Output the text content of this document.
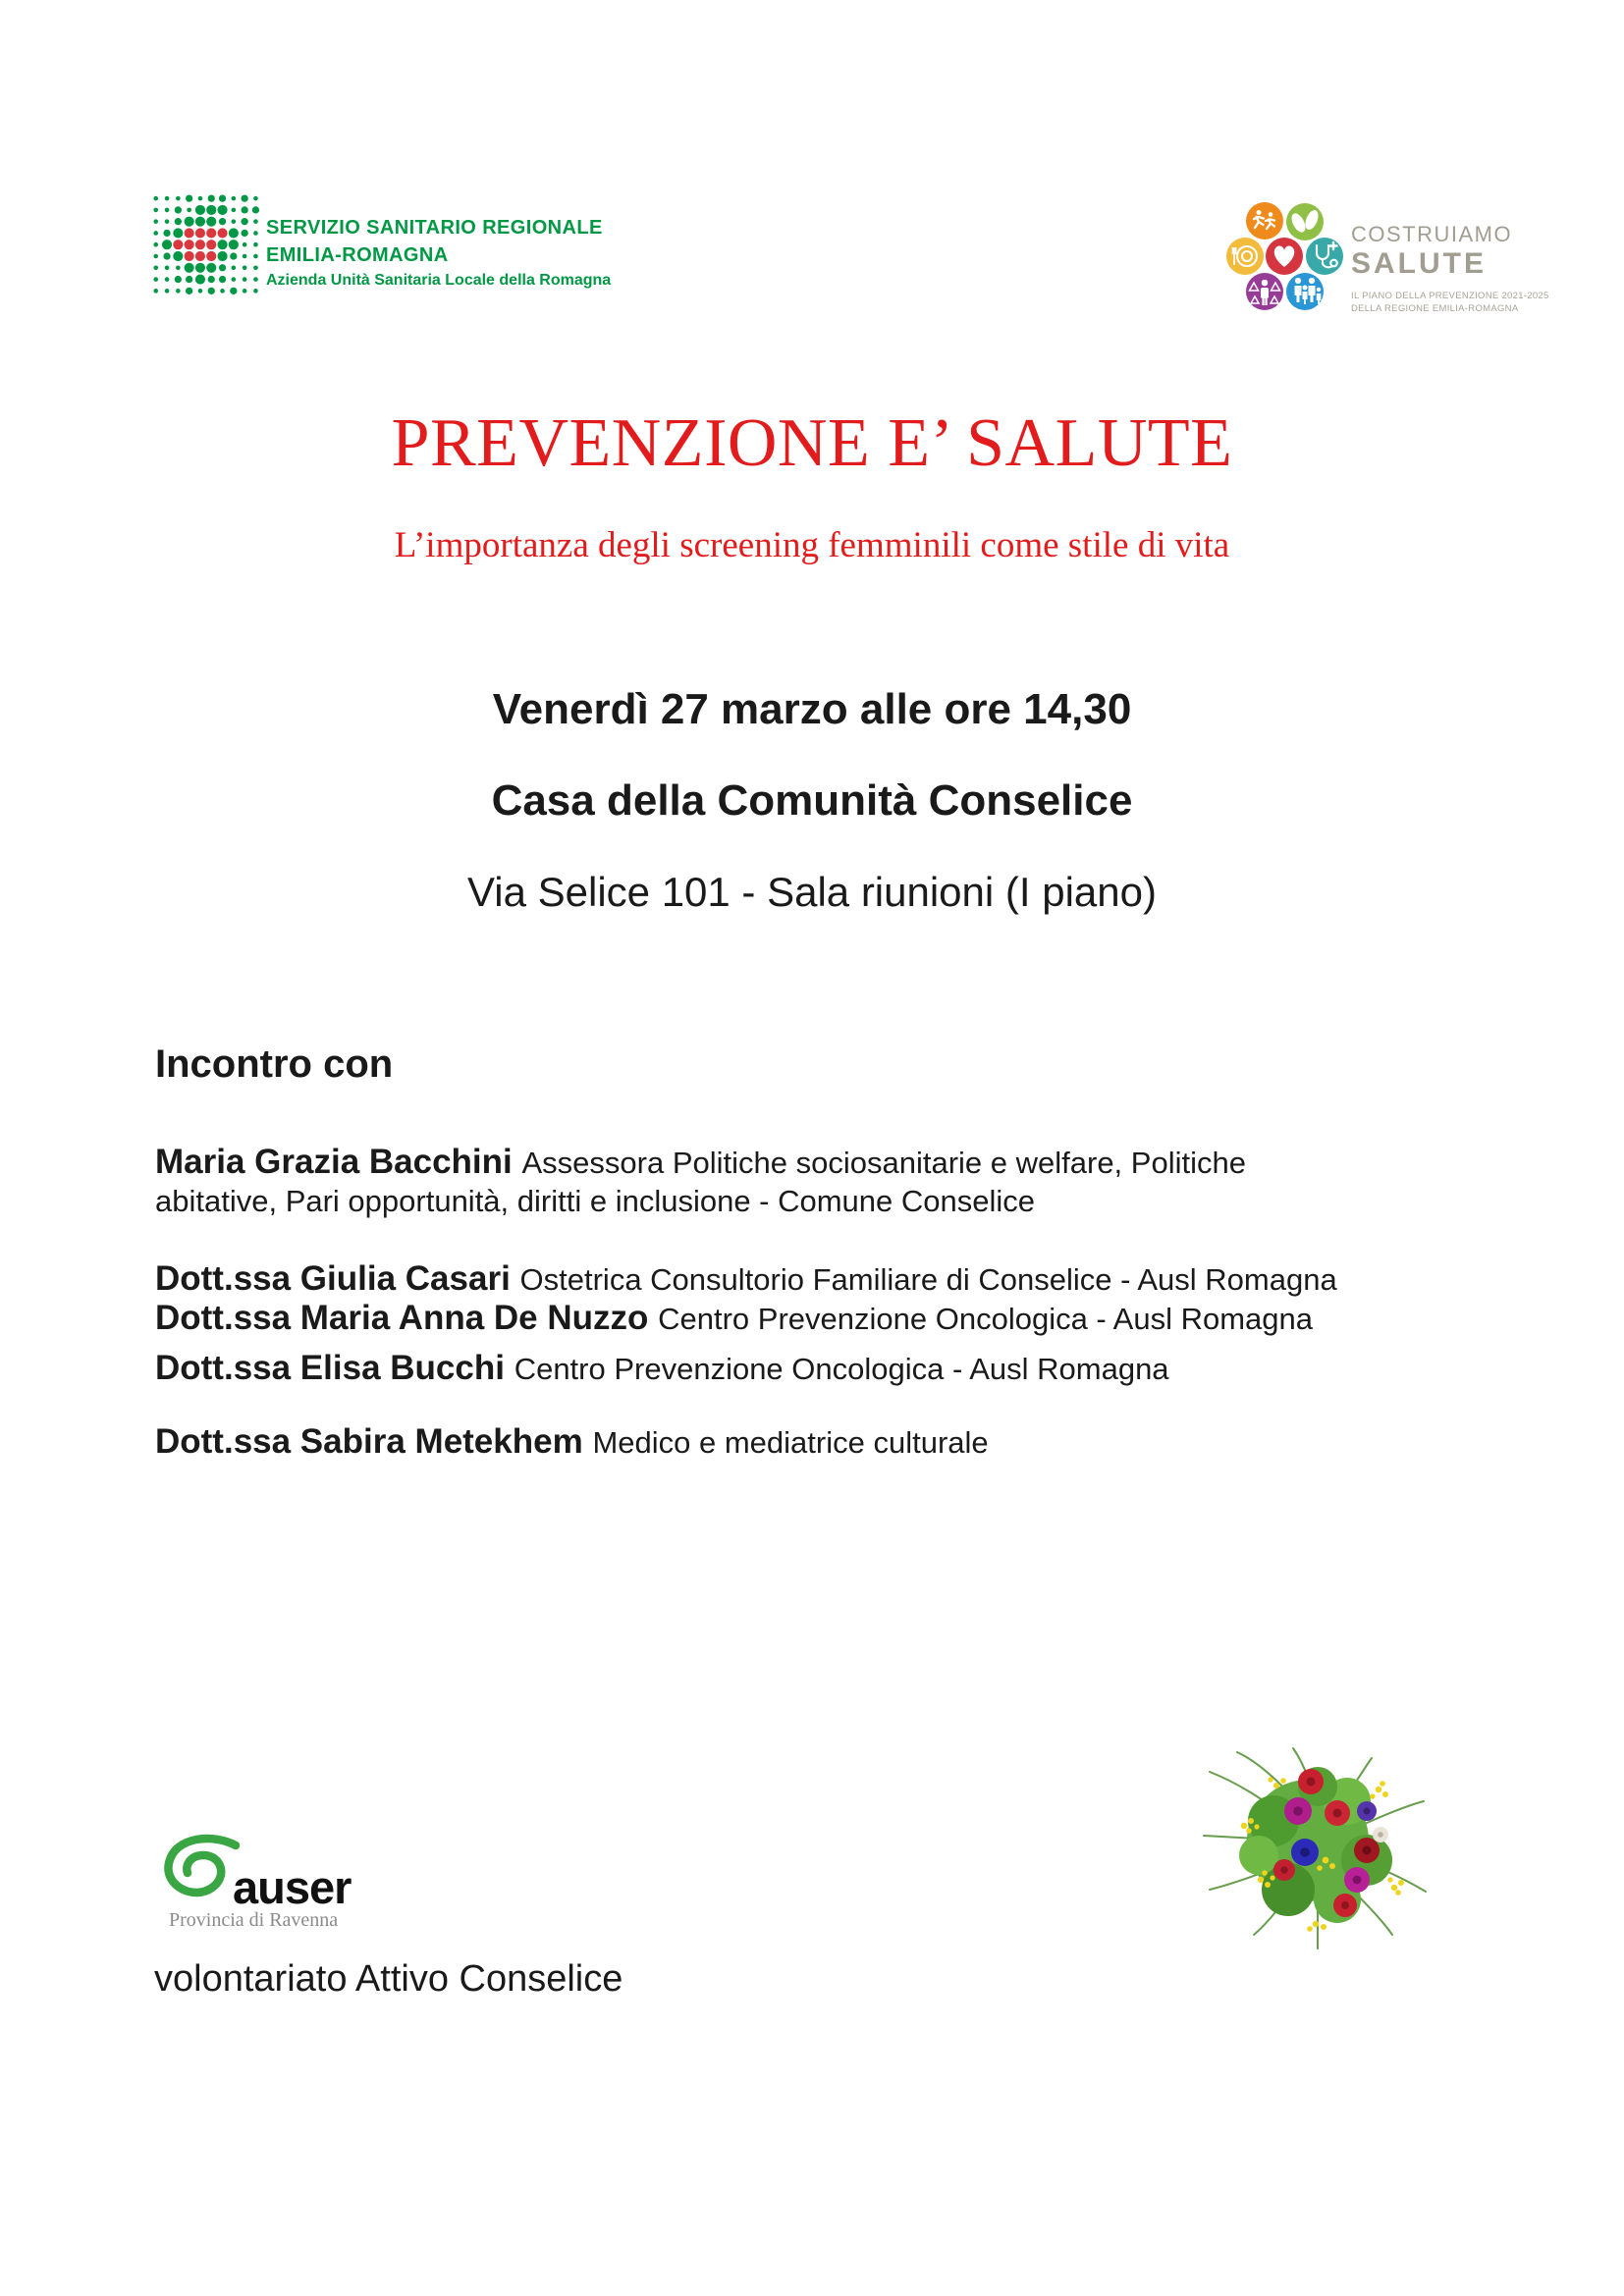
SERVIZIO SANITARIO REGIONALE
EMILIA-ROMAGNA
Azienda Unità Sanitaria Locale della Romagna
COSTRUIAMO
SALUTE
IL PIANO DELLA PREVENZIONE 2021-2025
DELLA REGIONE EMILIA-ROMAGNA
PREVENZIONE E’ SALUTE
L’importanza degli screening femminili come stile di vita
Venerdì 27 marzo alle ore 14,30
Casa della Comunità Conselice
Via Selice 101 - Sala riunioni (I piano)
Incontro con
Maria Grazia Bacchini Assessora Politiche sociosanitarie e welfare, Politiche
abitative, Pari opportunità, diritti e inclusione - Comune Conselice
Dott.ssa Giulia Casari Ostetrica Consultorio Familiare di Conselice - Ausl Romagna
Dott.ssa Maria Anna De Nuzzo Centro Prevenzione Oncologica - Ausl Romagna
Dott.ssa Elisa Bucchi Centro Prevenzione Oncologica - Ausl Romagna
Dott.ssa Sabira Metekhem Medico e mediatrice culturale
auser
Provincia di Ravenna
volontariato Attivo Conselice
